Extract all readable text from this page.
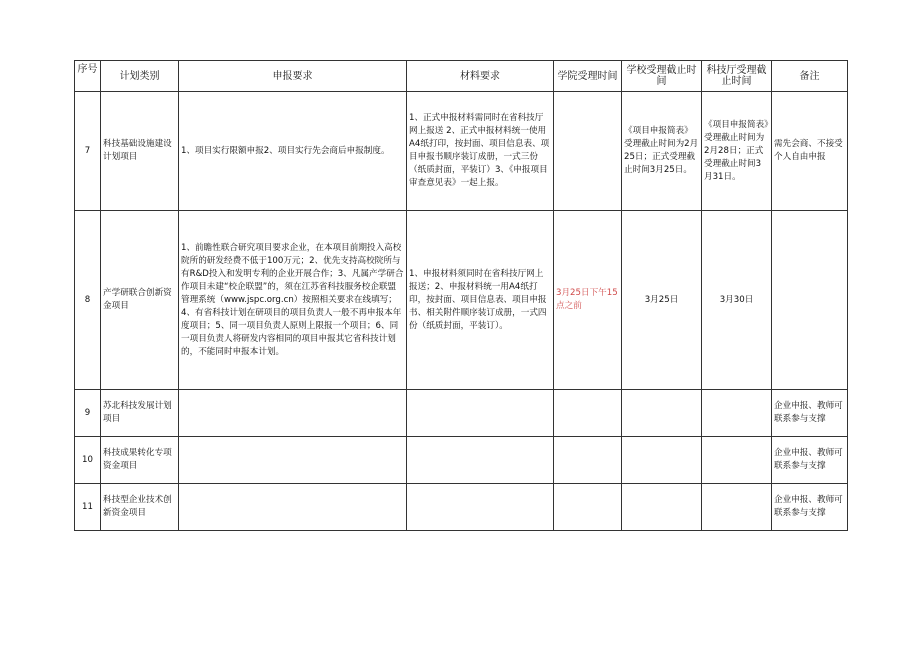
序号	计划类别	申报要求	材料要求	学院受理时间	学校受理截止时间	科技厅受理截止时间	备注
7	科技基础设施建设计划项目	1、项目实行限额申报2、项目实行先会商后申报制度。	1、正式申报材料需同时在省科技厅网上报送 2、正式申报材料统一使用A4纸打印，按封面、项目信息表、项目申报书顺序装订成册，一式三份（纸质封面，平装订）3、《申报项目审查意见表》一起上报。		《项目申报简表》受理截止时间为2月25日；正式受理截止时间3月25日。	《项目申报简表》受理截止时间为2月28日；正式受理截止时间3月31日。	需先会商、不接受个人自由申报
8	产学研联合创新资金项目	1、前瞻性联合研究项目要求企业，在本项目前期投入高校院所的研发经费不低于100万元；2、优先支持高校院所与有R&D投入和发明专利的企业开展合作；3、凡属产学研合作项目未建“校企联盟”的，须在江苏省科技服务校企联盟管理系统（www.jspc.org.cn）按照相关要求在线填写；4、有省科技计划在研项目的项目负责人一般不再申报本年度项目；5、同一项目负责人原则上限报一个项目；6、同一项目负责人将研发内容相同的项目申报其它省科技计划的，不能同时申报本计划。	1、申报材料须同时在省科技厅网上报送；2、申报材料统一用A4纸打印，按封面、项目信息表、项目申报书、相关附件顺序装订成册，一式四份（纸质封面，平装订）。	3月25日下午15点之前	3月25日	3月30日	
9	苏北科技发展计划项目						企业申报、教师可联系参与支撑
10	科技成果转化专项资金项目						企业申报、教师可联系参与支撑
11	科技型企业技术创新资金项目						企业申报、教师可联系参与支撑
